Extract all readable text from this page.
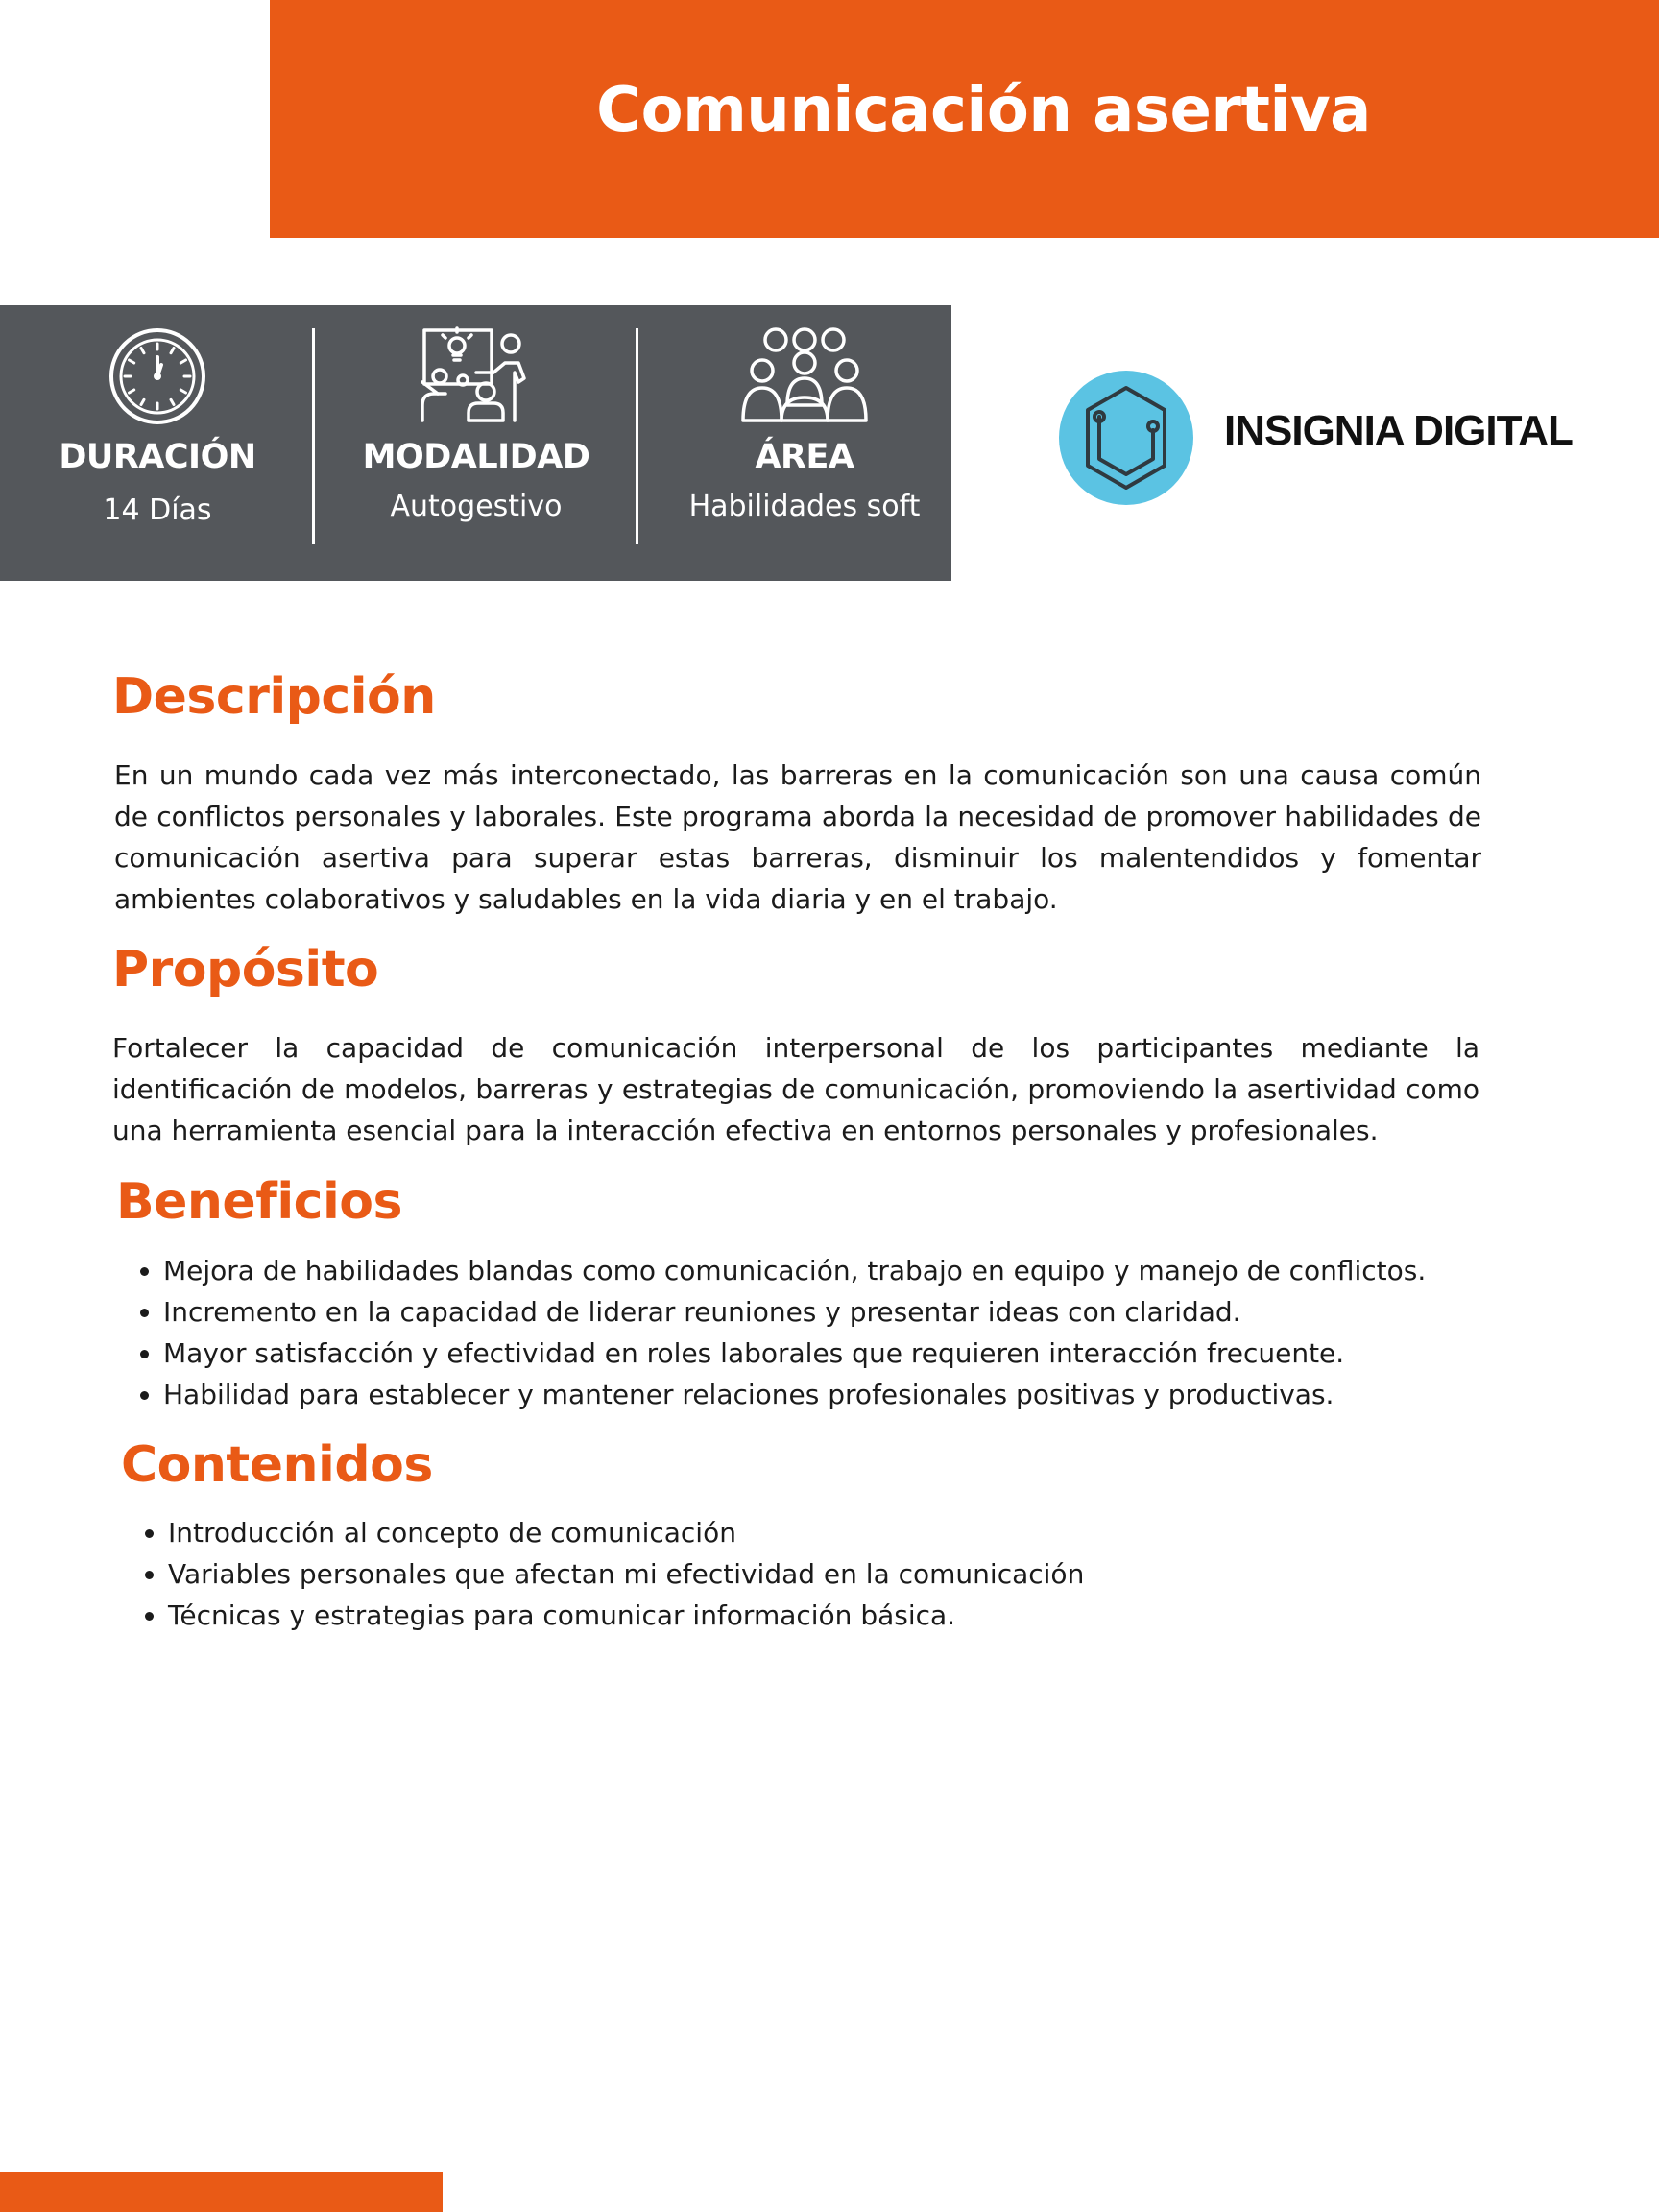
Comunicación asertiva
DURACIÓN
14 Días
MODALIDAD
Autogestivo
ÁREA
Habilidades soft
INSIGNIA DIGITAL
Descripción

En un mundo cada vez más interconectado, las barreras en la comunicación son una causa común de conflictos personales y laborales. Este programa aborda la necesidad de promover habilidades de comunicación asertiva para superar estas barreras, disminuir los malentendidos y fomentar ambientes colaborativos y saludables en la vida diaria y en el trabajo.

Propósito

Fortalecer la capacidad de comunicación interpersonal de los participantes mediante la identificación de modelos, barreras y estrategias de comunicación, promoviendo la asertividad como una herramienta esencial para la interacción efectiva en entornos personales y profesionales.

Beneficios
• Mejora de habilidades blandas como comunicación, trabajo en equipo y manejo de conflictos.
• Incremento en la capacidad de liderar reuniones y presentar ideas con claridad.
• Mayor satisfacción y efectividad en roles laborales que requieren interacción frecuente.
• Habilidad para establecer y mantener relaciones profesionales positivas y productivas.
Contenidos
• Introducción al concepto de comunicación
• Variables personales que afectan mi efectividad en la comunicación
• Técnicas y estrategias para comunicar información básica.
